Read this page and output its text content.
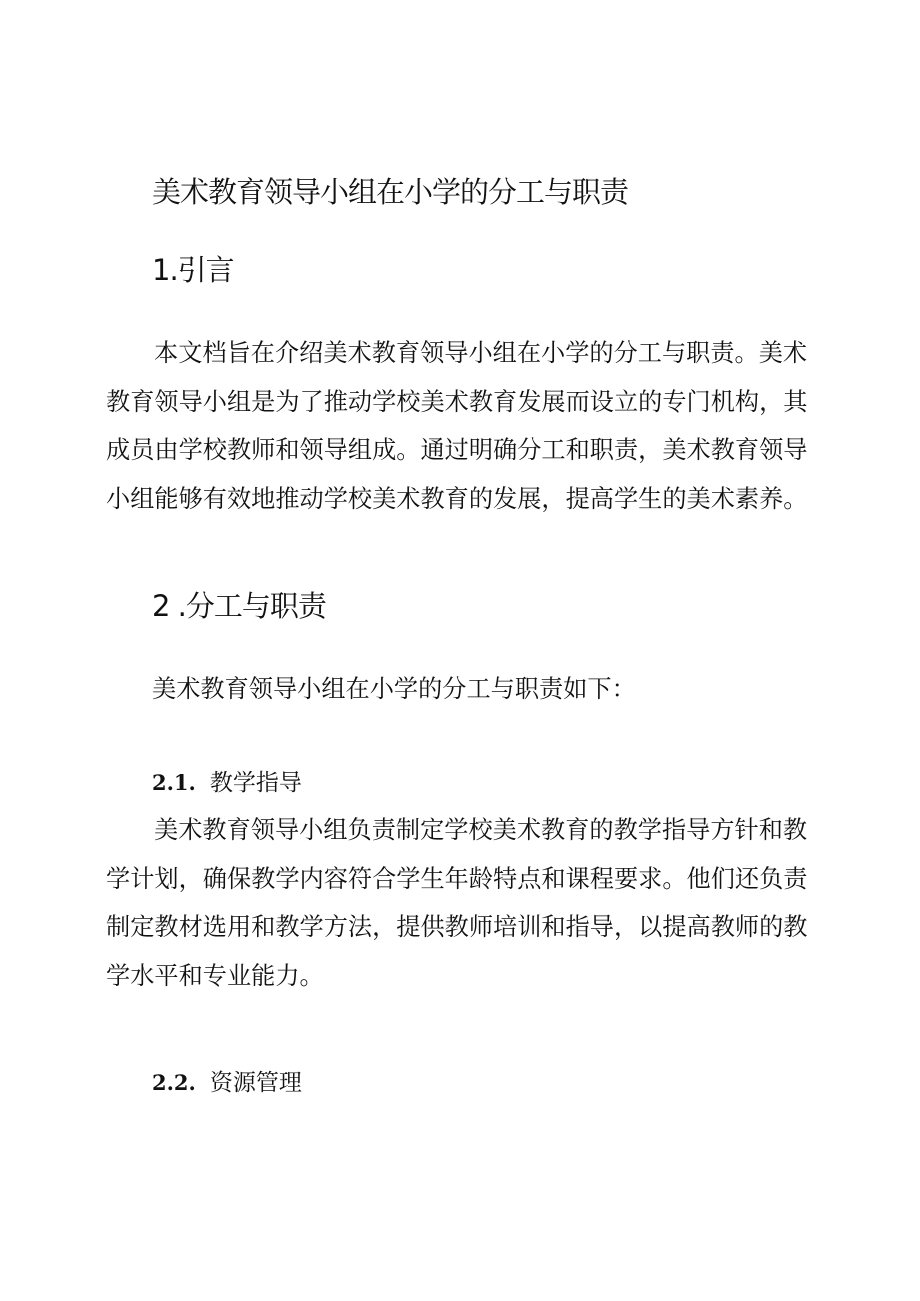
美术教育领导小组在小学的分工与职责
1.引言

本文档旨在介绍美术教育领导小组在小学的分工与职责。美术教育领导小组是为了推动学校美术教育发展而设立的专门机构，其成员由学校教师和领导组成。通过明确分工和职责，美术教育领导小组能够有效地推动学校美术教育的发展，提高学生的美术素养。

2 .分工与职责

美术教育领导小组在小学的分工与职责如下：

2.1. 教学指导

美术教育领导小组负责制定学校美术教育的教学指导方针和教学计划，确保教学内容符合学生年龄特点和课程要求。他们还负责制定教材选用和教学方法，提供教师培训和指导，以提高教师的教学水平和专业能力。

2.2. 资源管理
